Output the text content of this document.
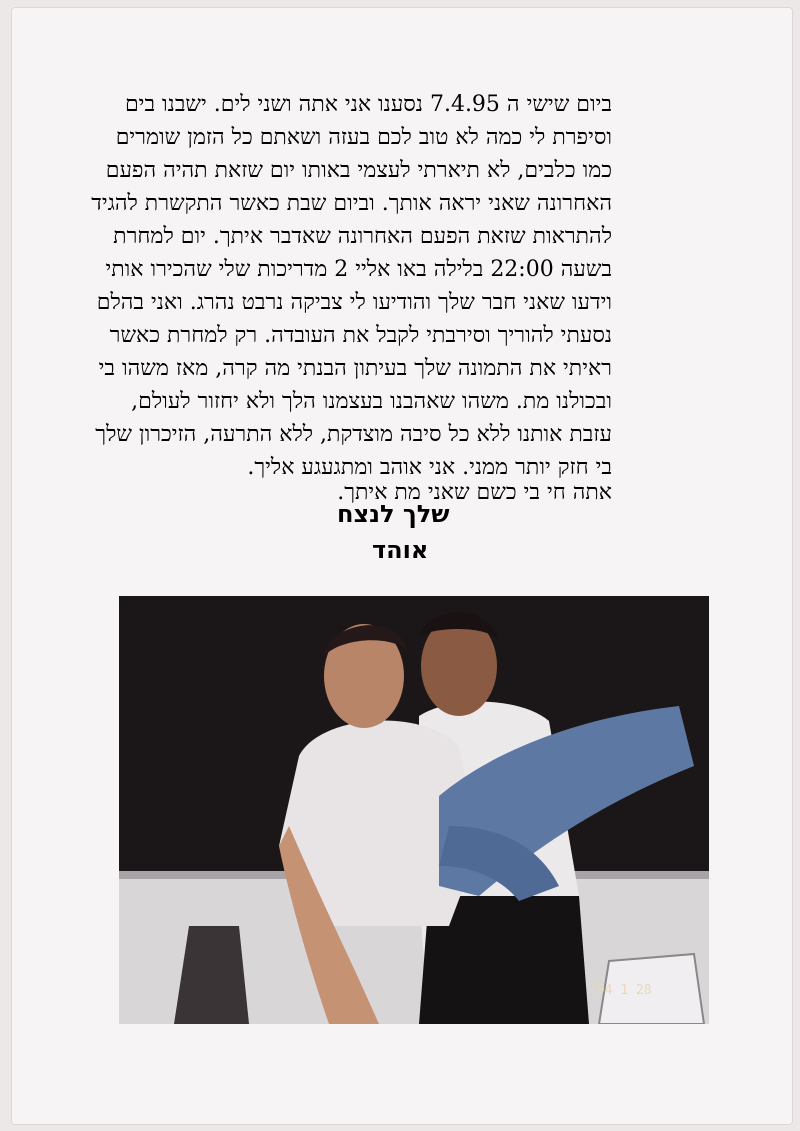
ביום שישי ה 7.4.95 נסענו אני אתה ושני לים. ישבנו בים
וסיפרת לי כמה לא טוב לכם בעזה ושאתם כל הזמן שומרים
כמו כלבים, לא תיארתי לעצמי באותו יום שזאת תהיה הפעם
האחרונה שאני יראה אותך. וביום שבת כאשר התקשרת להגיד
להתראות שזאת הפעם האחרונה שאדבר איתך. יום למחרת
בשעה 22:00 בלילה באו אליי 2 מדריכות שלי שהכירו אותי
וידעו שאני חבר שלך והודיעו לי צביקה נרבט נהרג. ואני בהלם
נסעתי להוריך וסירבתי לקבל את העובדה. רק למחרת כאשר
ראיתי את התמונה שלך בעיתון הבנתי מה קרה, מאז משהו בי
ובכולנו מת. משהו שאהבנו בעצמנו הלך ולא יחזור לעולם,
עזבת אותנו ללא כל סיבה מוצדקת, ללא התרעה, הזיכרון שלך
בי חזק יותר ממני. אני אוהב ומתגעגע אליך.
אתה חי בי כשם שאני מת איתך.
שלך לנצח
אוהד
'94 1 28
